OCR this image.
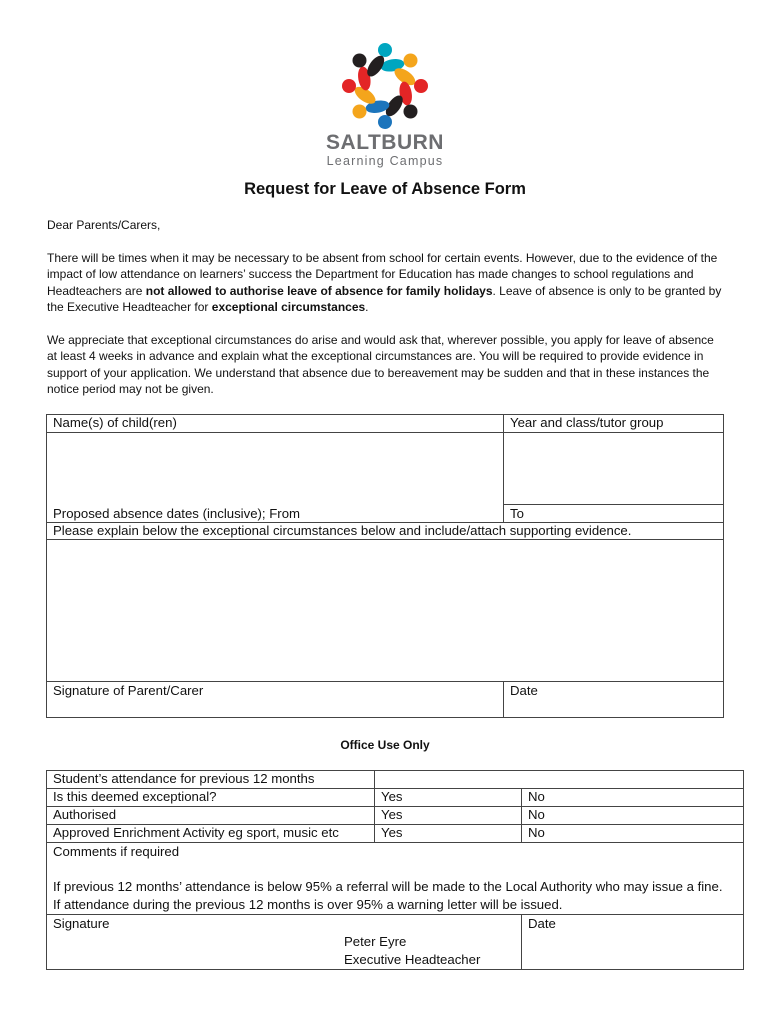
SALTBURN
Learning Campus
Request for Leave of Absence Form
Dear Parents/Carers,
There will be times when it may be necessary to be absent from school for certain events. However, due to the evidence of the impact of low attendance on learners’ success the Department for Education has made changes to school regulations and Headteachers are not allowed to authorise leave of absence for family holidays. Leave of absence is only to be granted by the Executive Headteacher for exceptional circumstances.
We appreciate that exceptional circumstances do arise and would ask that, wherever possible, you apply for leave of absence at least 4 weeks in advance and explain what the exceptional circumstances are. You will be required to provide evidence in support of your application. We understand that absence due to bereavement may be sudden and that in these instances the notice period may not be given.
Name(s) of child(ren)	Year and class/tutor group

Proposed absence dates (inclusive); From	To
Please explain below the exceptional circumstances below and include/attach supporting evidence.	

Signature of Parent/Carer	Date
Office Use Only
Student’s attendance for previous 12 months		
Is this deemed exceptional?	Yes	No
Authorised	Yes	No
Approved Enrichment Activity eg sport, music etc	Yes	No

Comments if required
If previous 12 months’ attendance is below 95% a referral will be made to the Local Authority who may issue a fine. If attendance during the previous 12 months is over 95% a warning letter will be issued.		

Signature
Peter Eyre
Executive Headteacher		Date
